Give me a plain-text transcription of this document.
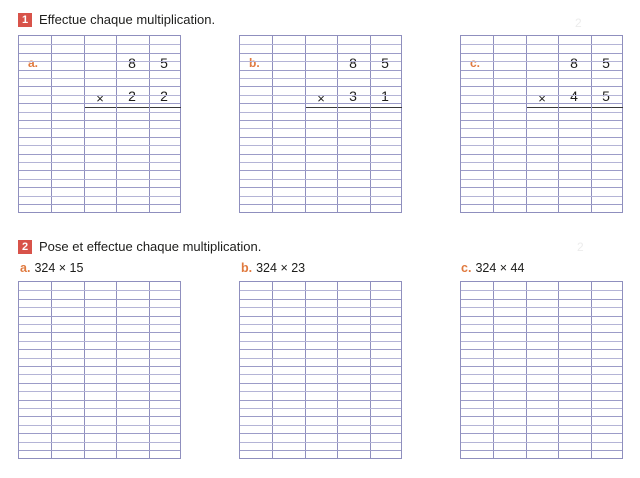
2
2
1 Effectue chaque multiplication.
a.	8	5
×	2	2
b.	8	5
×	3	1
c.	8	5
×	4	5
2 Pose et effectue chaque multiplication.
a. 324 × 15	b. 324 × 23	c. 324 × 44
